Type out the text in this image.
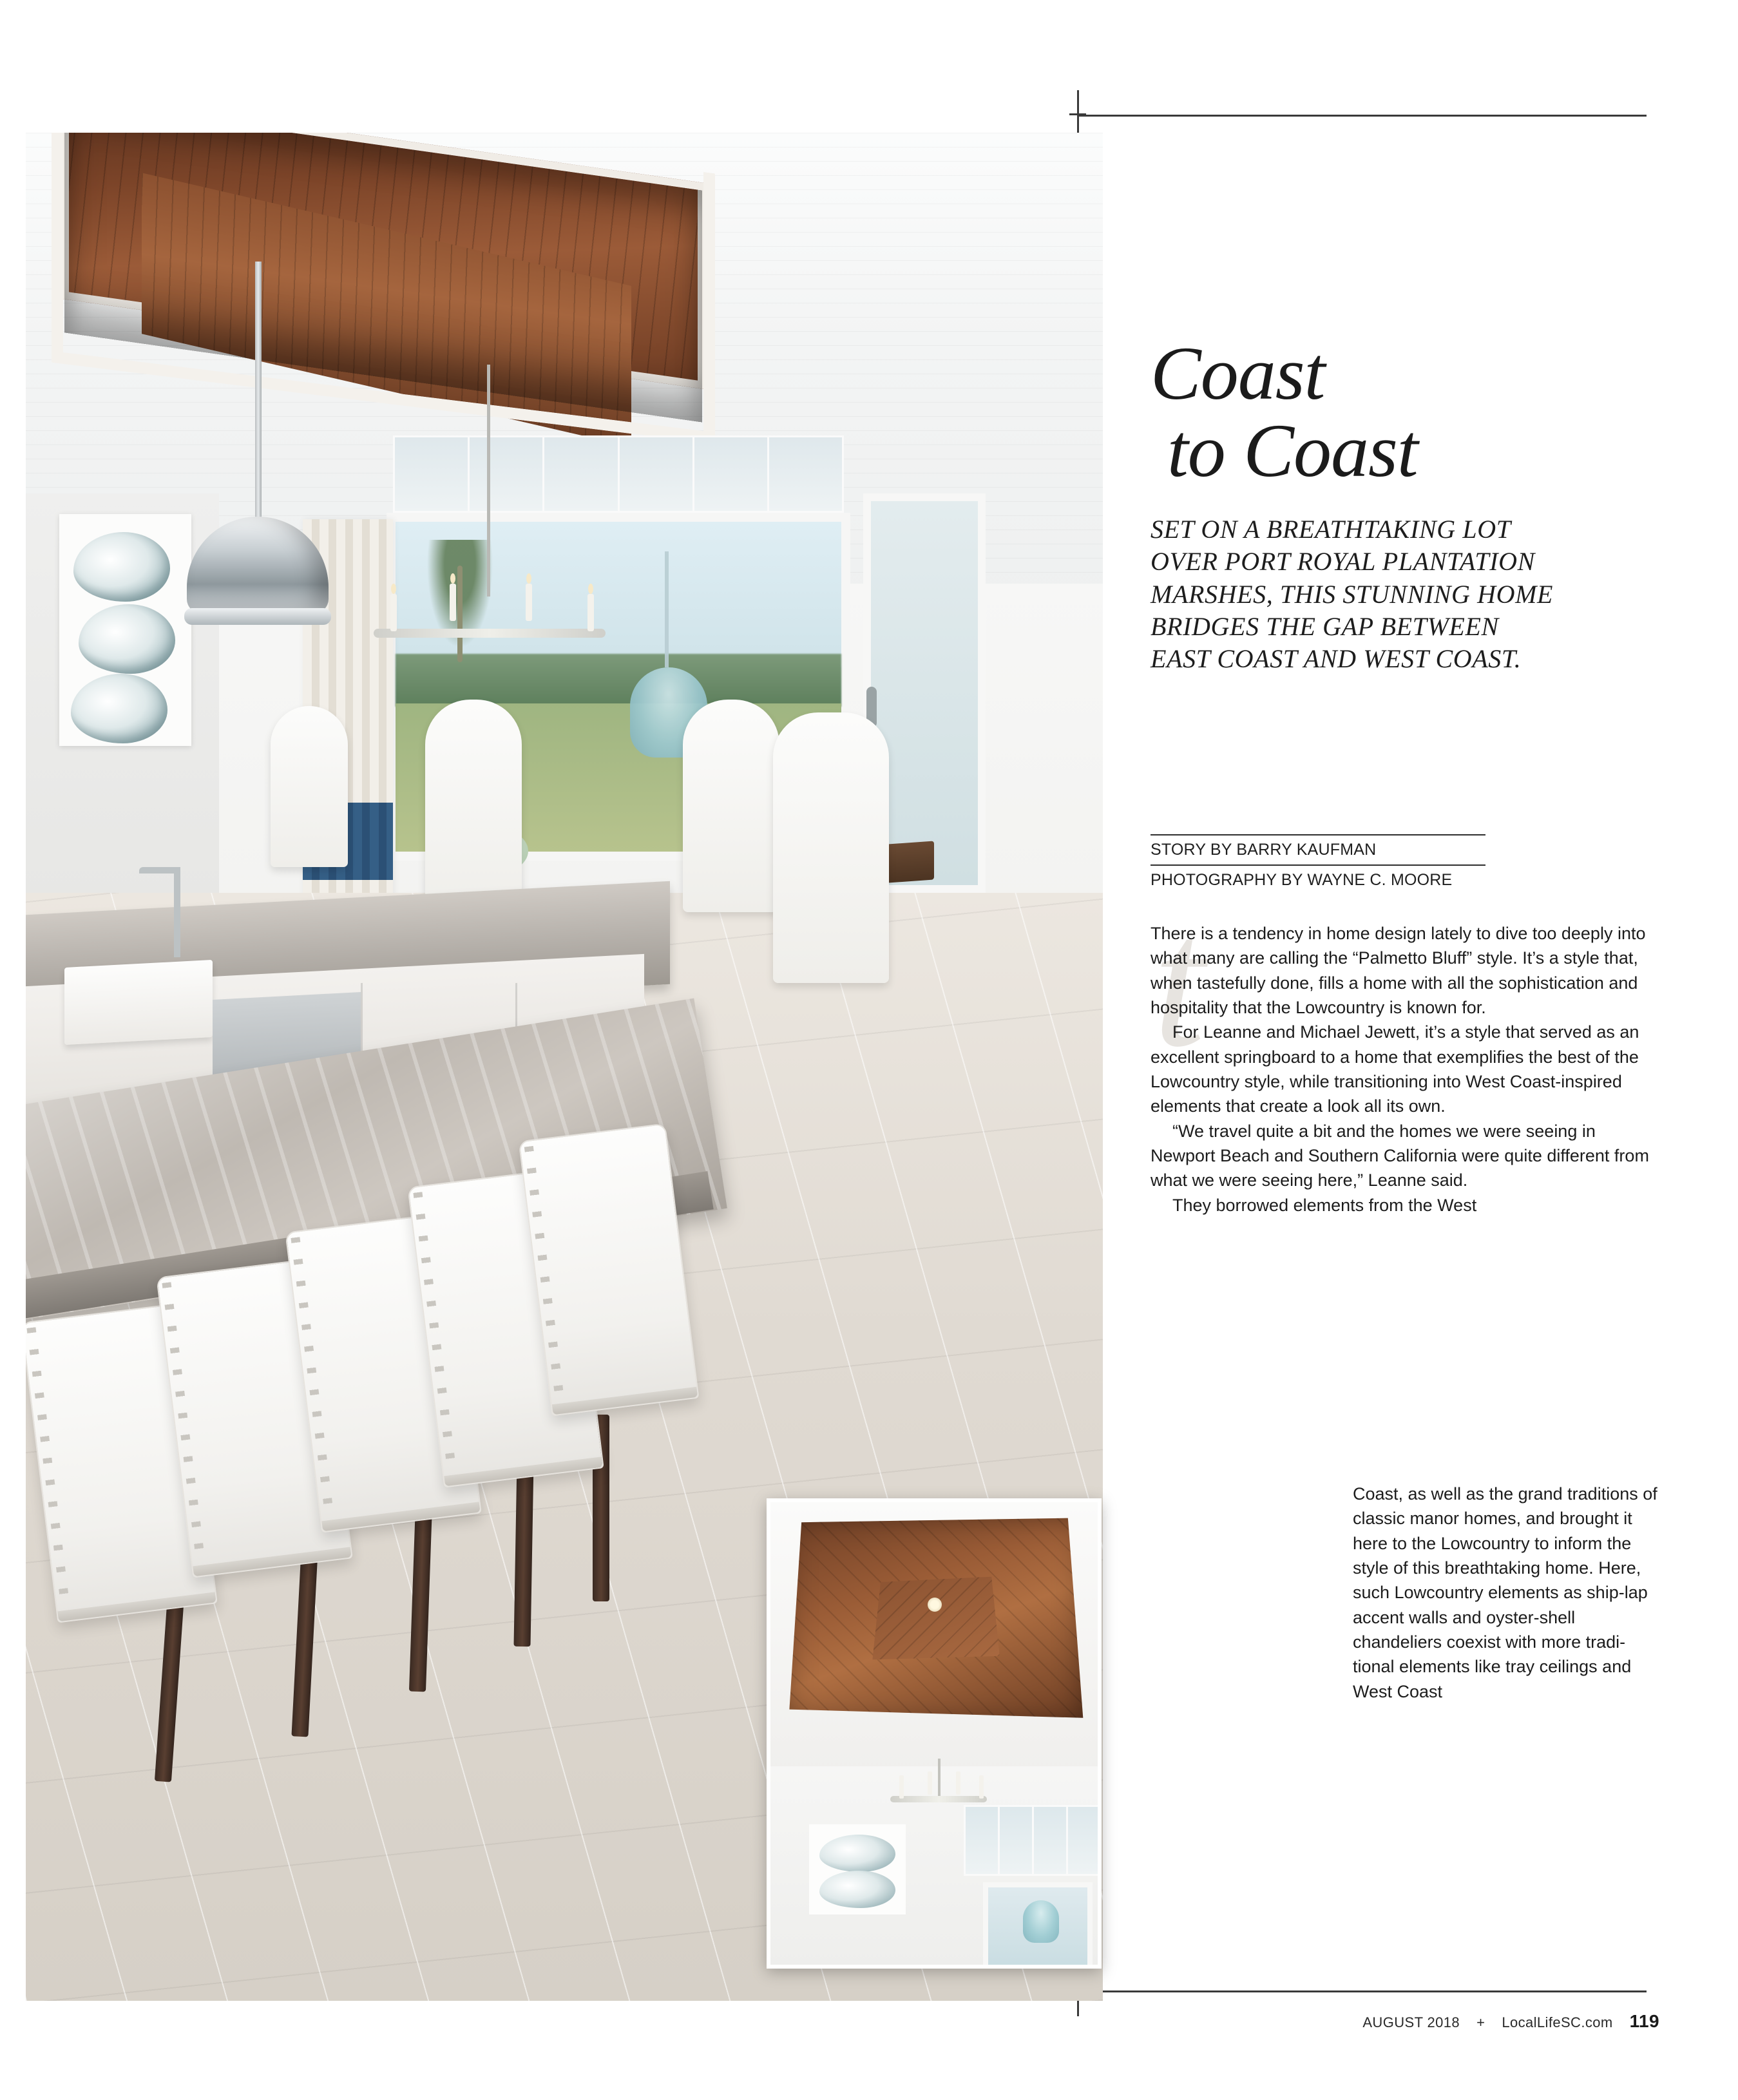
Coast
to Coast
SET ON A BREATHTAKING LOT OVER PORT ROYAL PLANTATION MARSHES, THIS STUNNING HOME BRIDGES THE GAP BETWEEN EAST COAST AND WEST COAST.
STORY BY BARRY KAUFMAN
PHOTOGRAPHY BY WAYNE C. MOORE
t

There is a tendency in home design lately to dive too deeply into what many are calling the “Palmetto Bluff” style. It’s a style that, when tastefully done, fills a home with all the sophistication and hospitality that the Lowcountry is known for.

For Leanne and Michael Jewett, it’s a style that served as an excellent springboard to a home that exemplifies the best of the Lowcountry style, while transitioning into West Coast-inspired elements that create a look all its own.

“We travel quite a bit and the homes we were seeing in Newport Beach and Southern California were quite different from what we were seeing here,” Leanne said.

They borrowed elements from the West

Coast, as well as the grand traditions of classic manor homes, and brought it here to the Lowcountry to inform the style of this breathtaking home. Here, such Lowcountry elements as ship-lap accent walls and oyster-shell chandeliers coexist with more tradi-tional elements like tray ceilings and West Coast

AUGUST 2018 + LocalLifeSC.com 119
